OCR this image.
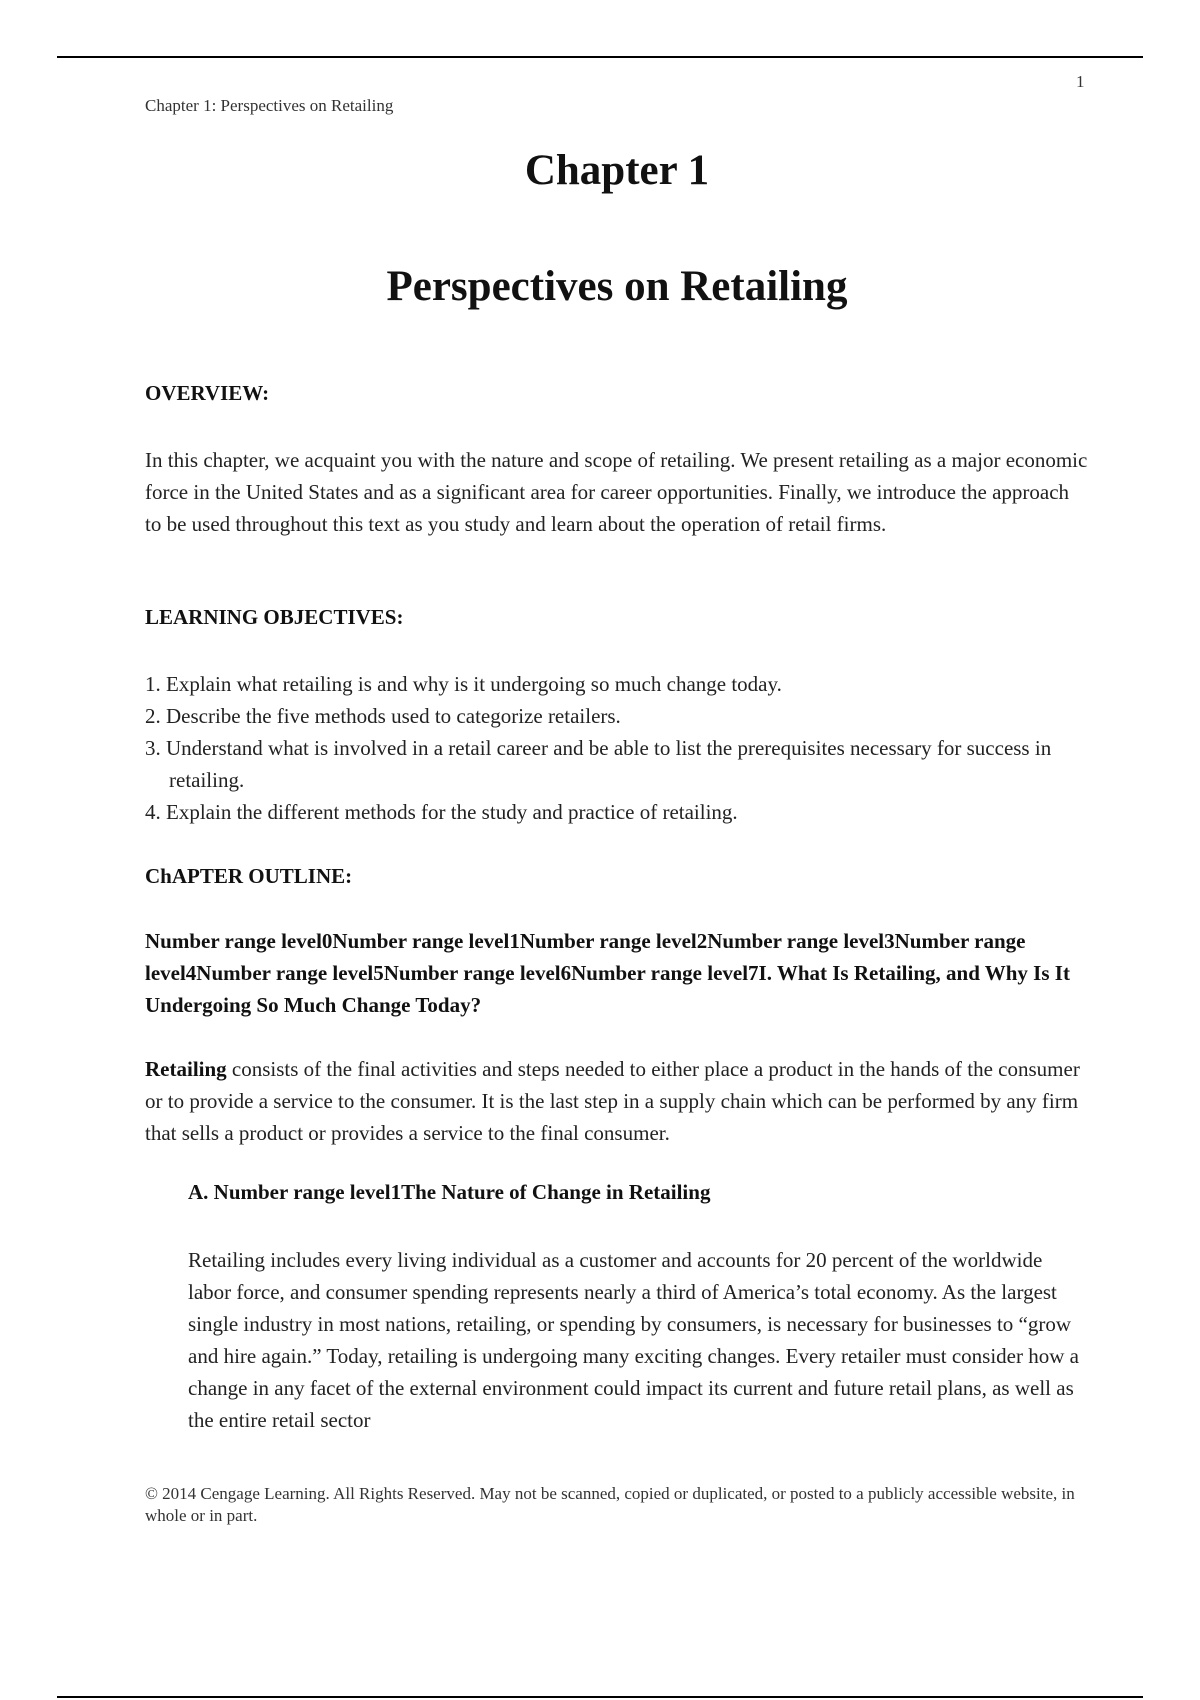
1
Chapter 1: Perspectives on Retailing
Chapter 1
Perspectives on Retailing
OVERVIEW:
In this chapter, we acquaint you with the nature and scope of retailing. We present retailing as a major economic force in the United States and as a significant area for career opportunities. Finally, we introduce the approach to be used throughout this text as you study and learn about the operation of retail firms.
LEARNING OBJECTIVES:
1. Explain what retailing is and why is it undergoing so much change today.
2. Describe the five methods used to categorize retailers.
3. Understand what is involved in a retail career and be able to list the prerequisites necessary for success in retailing.
4. Explain the different methods for the study and practice of retailing.
ChAPTER OUTLINE:
Number range level0Number range level1Number range level2Number range level3Number range level4Number range level5Number range level6Number range level7I. What Is Retailing, and Why Is It Undergoing So Much Change Today?
Retailing consists of the final activities and steps needed to either place a product in the hands of the consumer or to provide a service to the consumer. It is the last step in a supply chain which can be performed by any firm that sells a product or provides a service to the final consumer.
A. Number range level1The Nature of Change in Retailing
Retailing includes every living individual as a customer and accounts for 20 percent of the worldwide labor force, and consumer spending represents nearly a third of America’s total economy. As the largest single industry in most nations, retailing, or spending by consumers, is necessary for businesses to “grow and hire again.” Today, retailing is undergoing many exciting changes. Every retailer must consider how a change in any facet of the external environment could impact its current and future retail plans, as well as the entire retail sector
© 2014 Cengage Learning. All Rights Reserved. May not be scanned, copied or duplicated, or posted to a publicly accessible website, in whole or in part.
